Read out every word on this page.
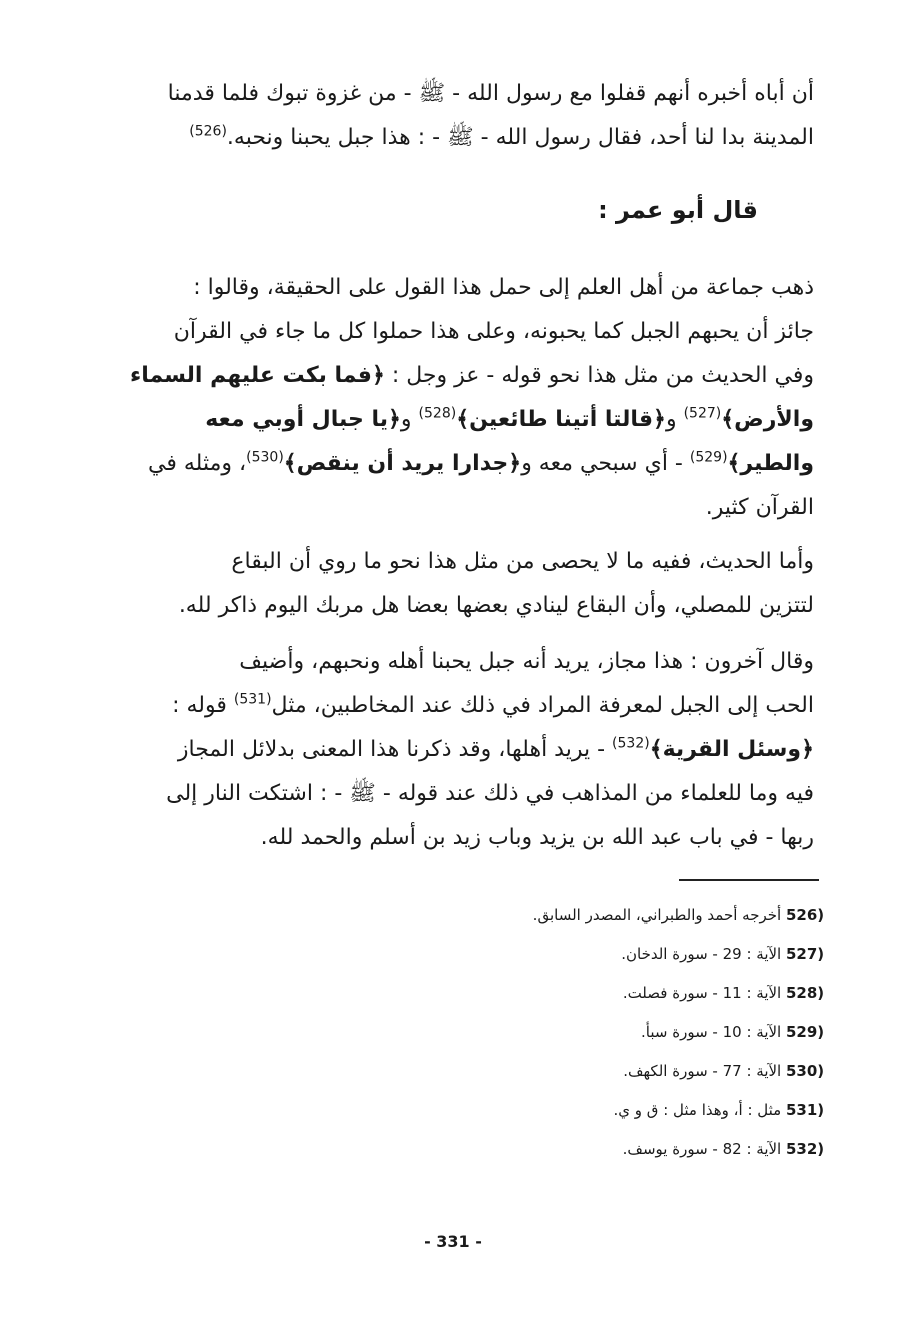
أن أباه أخبره أنهم قفلوا مع رسول الله - ﷺ - من غزوة تبوك فلما قدمنا
المدينة بدا لنا أحد، فقال رسول الله - ﷺ - : هذا جبل يحبنا ونحبه.$^{(526)}$
قال أبو عمر :
ذهب جماعة من أهل العلم إلى حمل هذا القول على الحقيقة، وقالوا :
جائز أن يحبهم الجبل كما يحبونه، وعلى هذا حملوا كل ما جاء في القرآن
وفي الحديث من مثل هذا نحو قوله - عز وجل : ﴿فما بكت عليهم السماء
والأرض﴾$^{(527)}$ و﴿قالتا أتينا طائعين﴾$^{(528)}$ و﴿يا جبال أوبي معه
والطير﴾$^{(529)}$ - أي سبحي معه و﴿جدارا يريد أن ينقص﴾$^{(530)}$، ومثله في
القرآن كثير.
وأما الحديث، ففيه ما لا يحصى من مثل هذا نحو ما روي أن البقاع
لتتزين للمصلي، وأن البقاع لينادي بعضها بعضا هل مربك اليوم ذاكر لله.
وقال آخرون : هذا مجاز، يريد أنه جبل يحبنا أهله ونحبهم، وأضيف
الحب إلى الجبل لمعرفة المراد في ذلك عند المخاطبين، مثل$^{(531)}$ قوله :
﴿وسئل القرية﴾$^{(532)}$ - يريد أهلها، وقد ذكرنا هذا المعنى بدلائل المجاز
فيه وما للعلماء من المذاهب في ذلك عند قوله - ﷺ - : اشتكت النار إلى
ربها - في باب عبد الله بن يزيد وباب زيد بن أسلم والحمد لله.
526) أخرجه أحمد والطبراني، المصدر السابق.
527) الآية : 29 - سورة الدخان.
528) الآية : 11 - سورة فصلت.
529) الآية : 10 - سورة سبأ.
530) الآية : 77 - سورة الكهف.
531) مثل : أ، وهذا مثل : ق و ي.
532) الآية : 82 - سورة يوسف.
- 331 -
